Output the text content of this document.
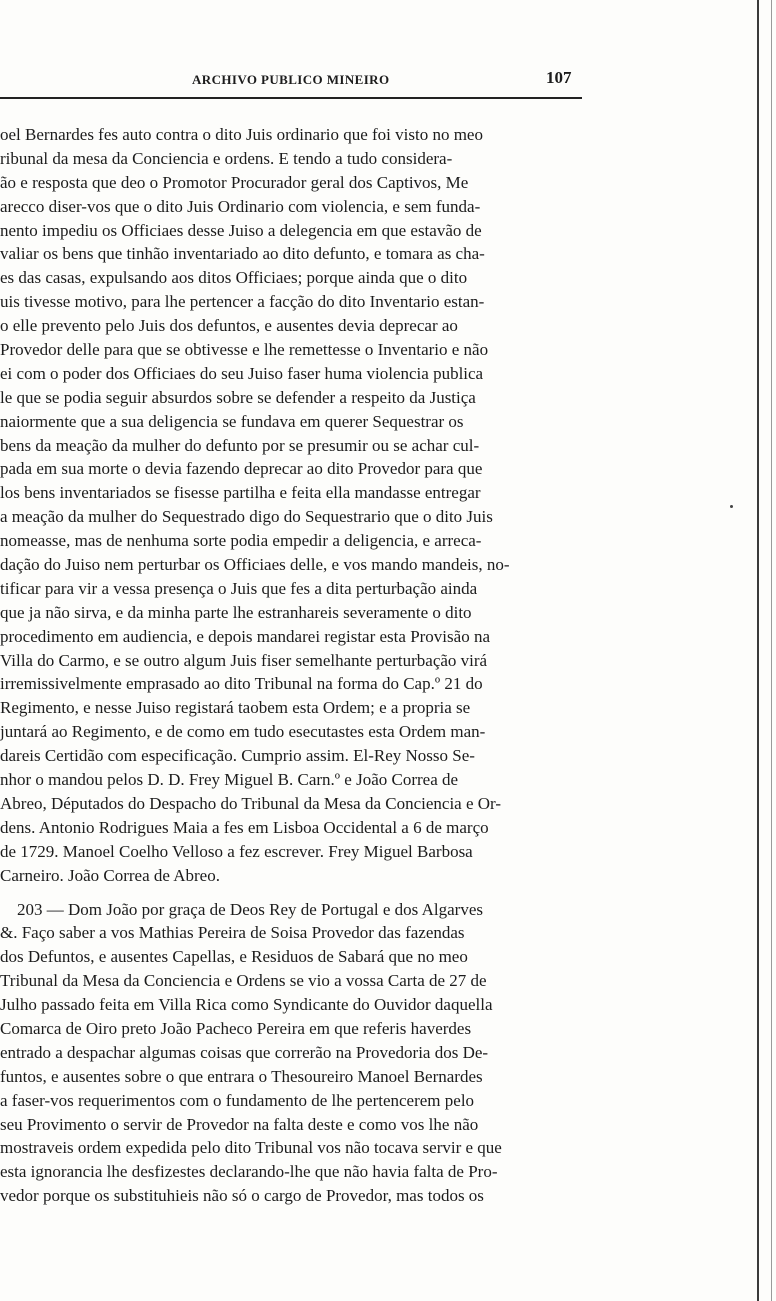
ARCHIVO PUBLICO MINEIRO	107
oel Bernardes fes auto contra o dito Juis ordinario que foi visto no meo
ribunal da mesa da Conciencia e ordens. E tendo a tudo considera-
ão e resposta que deo o Promotor Procurador geral dos Captivos, Me
arecco diser-vos que o dito Juis Ordinario com violencia, e sem funda-
nento impediu os Officiaes desse Juiso a delegencia em que estavão de
valiar os bens que tinhão inventariado ao dito defunto, e tomara as cha-
es das casas, expulsando aos ditos Officiaes; porque ainda que o dito
uis tivesse motivo, para lhe pertencer a facção do dito Inventario estan-
o elle prevento pelo Juis dos defuntos, e ausentes devia deprecar ao
Provedor delle para que se obtivesse e lhe remettesse o Inventario e não
ei com o poder dos Officiaes do seu Juiso faser huma violencia publica
le que se podia seguir absurdos sobre se defender a respeito da Justiça
naiormente que a sua deligencia se fundava em querer Sequestrar os
bens da meação da mulher do defunto por se presumir ou se achar cul-
pada em sua morte o devia fazendo deprecar ao dito Provedor para que
los bens inventariados se fisesse partilha e feita ella mandasse entregar
a meação da mulher do Sequestrado digo do Sequestrario que o dito Juis
nomeasse, mas de nenhuma sorte podia empedir a deligencia, e arreca-
dação do Juiso nem perturbar os Officiaes delle, e vos mando mandeis, no-
tificar para vir a vessa presença o Juis que fes a dita perturbação ainda
que ja não sirva, e da minha parte lhe estranhareis severamente o dito
procedimento em audiencia, e depois mandarei registar esta Provisão na
Villa do Carmo, e se outro algum Juis fiser semelhante perturbação virá
irremissivelmente emprasado ao dito Tribunal na forma do Cap.º 21 do
Regimento, e nesse Juiso registará taobem esta Ordem; e a propria se
juntará ao Regimento, e de como em tudo esecutastes esta Ordem man-
dareis Certidão com especificação. Cumprio assim. El-Rey Nosso Se-
nhor o mandou pelos D. D. Frey Miguel B. Carn.º e João Correa de
Abreo, Députados do Despacho do Tribunal da Mesa da Conciencia e Or-
dens. Antonio Rodrigues Maia a fes em Lisboa Occidental a 6 de março
de 1729. Manoel Coelho Velloso a fez escrever. Frey Miguel Barbosa
Carneiro. João Correa de Abreo.
203 — Dom João por graça de Deos Rey de Portugal e dos Algarves
&. Faço saber a vos Mathias Pereira de Soisa Provedor das fazendas
dos Defuntos, e ausentes Capellas, e Residuos de Sabará que no meo
Tribunal da Mesa da Conciencia e Ordens se vio a vossa Carta de 27 de
Julho passado feita em Villa Rica como Syndicante do Ouvidor daquella
Comarca de Oiro preto João Pacheco Pereira em que referis haverdes
entrado a despachar algumas coisas que correrão na Provedoria dos De-
funtos, e ausentes sobre o que entrara o Thesoureiro Manoel Bernardes
a faser-vos requerimentos com o fundamento de lhe pertencerem pelo
seu Provimento o servir de Provedor na falta deste e como vos lhe não
mostraveis ordem expedida pelo dito Tribunal vos não tocava servir e que
esta ignorancia lhe desfizestes declarando-lhe que não havia falta de Pro-
vedor porque os substituhieis não só o cargo de Provedor, mas todos os
